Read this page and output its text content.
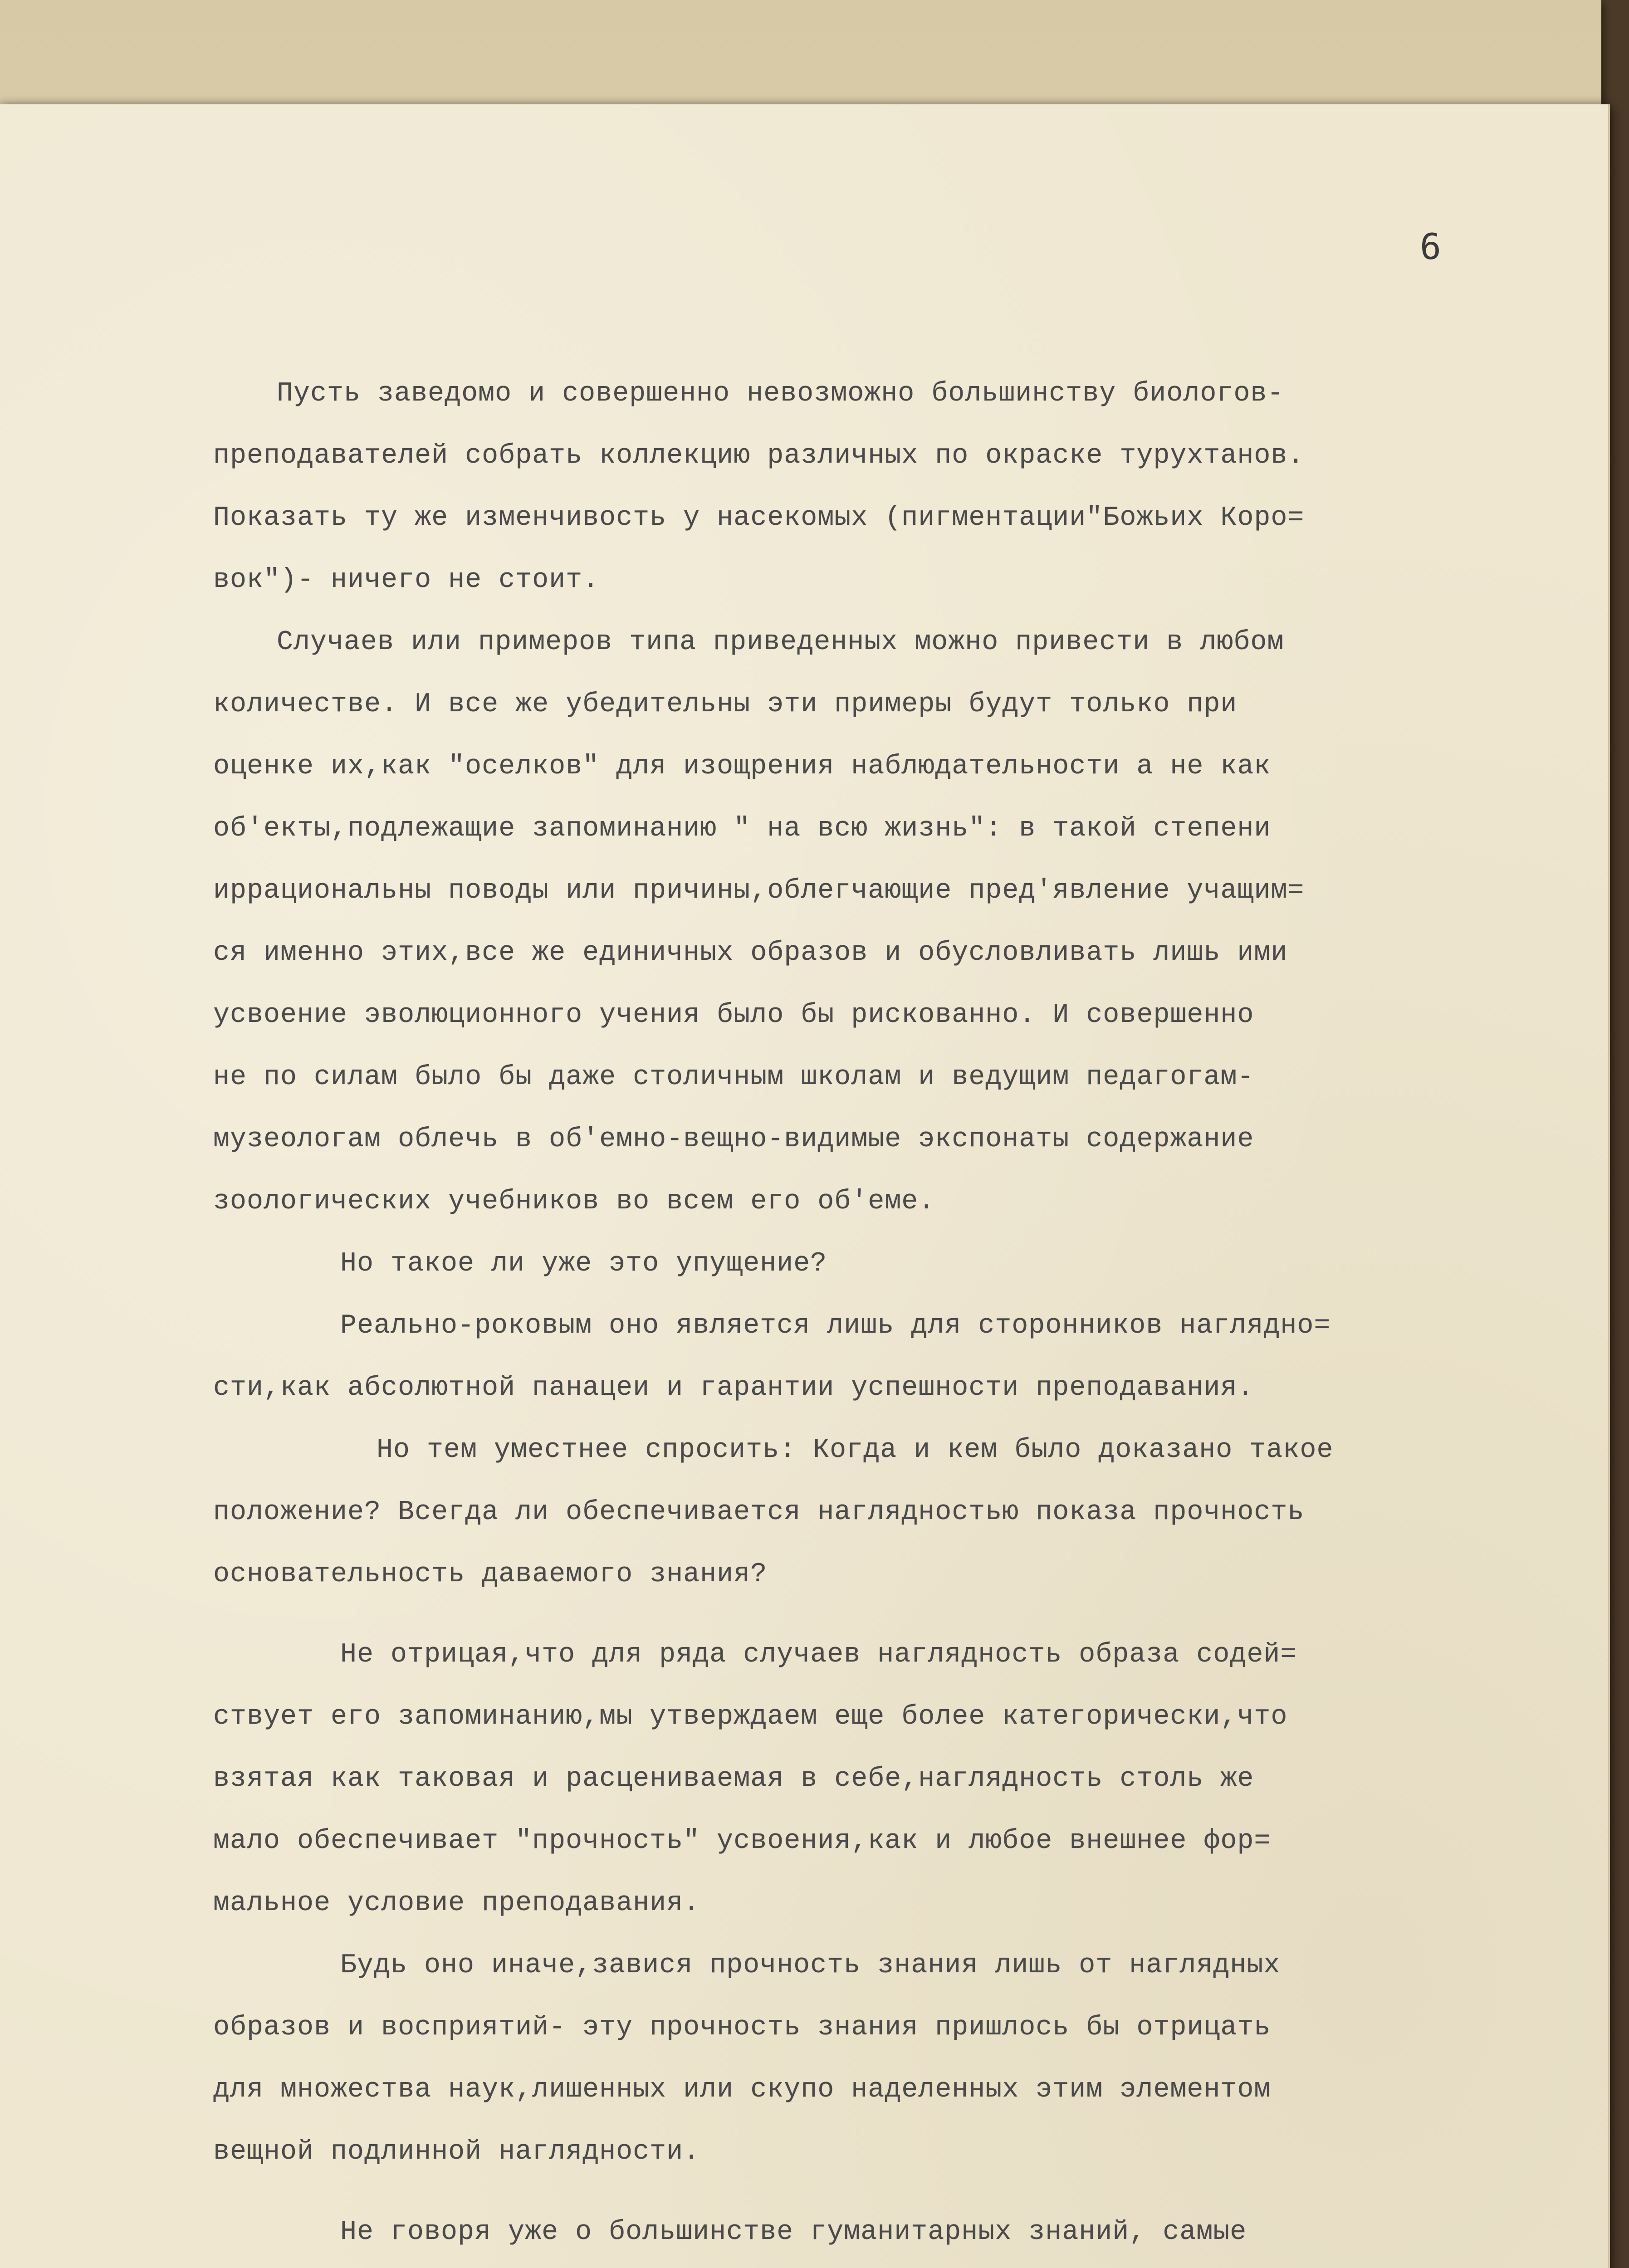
6
Пусть заведомо и совершенно невозможно большинству биологов-
преподавателей собрать коллекцию различных по окраске турухтанов.
Показать ту же изменчивость у насекомых (пигментации"Божьих Коро=
вок")- ничего не стоит.
Случаев или примеров типа приведенных можно привести в любом
количестве. И все же убедительны эти примеры будут только при
оценке их,как "оселков" для изощрения наблюдательности а не как
об'екты,подлежащие запоминанию " на всю жизнь": в такой степени
иррациональны поводы или причины,облегчающие пред'явление учащим=
ся именно этих,все же единичных образов и обусловливать лишь ими
усвоение эволюционного учения было бы рискованно. И совершенно
не по силам было бы даже столичным школам и ведущим педагогам-
музеологам облечь в об'емно-вещно-видимые экспонаты содержание
зоологических учебников во всем его об'еме.
Но такое ли уже это упущение?
Реально-роковым оно является лишь для сторонников наглядно=
сти,как абсолютной панацеи и гарантии успешности преподавания.
Но тем уместнее спросить: Когда и кем было доказано такое
положение? Всегда ли обеспечивается наглядностью показа прочность
основательность даваемого знания?
Не отрицая,что для ряда случаев наглядность образа содей=
ствует его запоминанию,мы утверждаем еще более категорически,что
взятая как таковая и расцениваемая в себе,наглядность столь же
мало обеспечивает "прочность" усвоения,как и любое внешнее фор=
мальное условие преподавания.
Будь оно иначе,завися прочность знания лишь от наглядных
образов и восприятий- эту прочность знания пришлось бы отрицать
для множества наук,лишенных или скупо наделенных этим элементом
вещной подлинной наглядности.
Не говоря уже о большинстве гуманитарных знаний, самые
